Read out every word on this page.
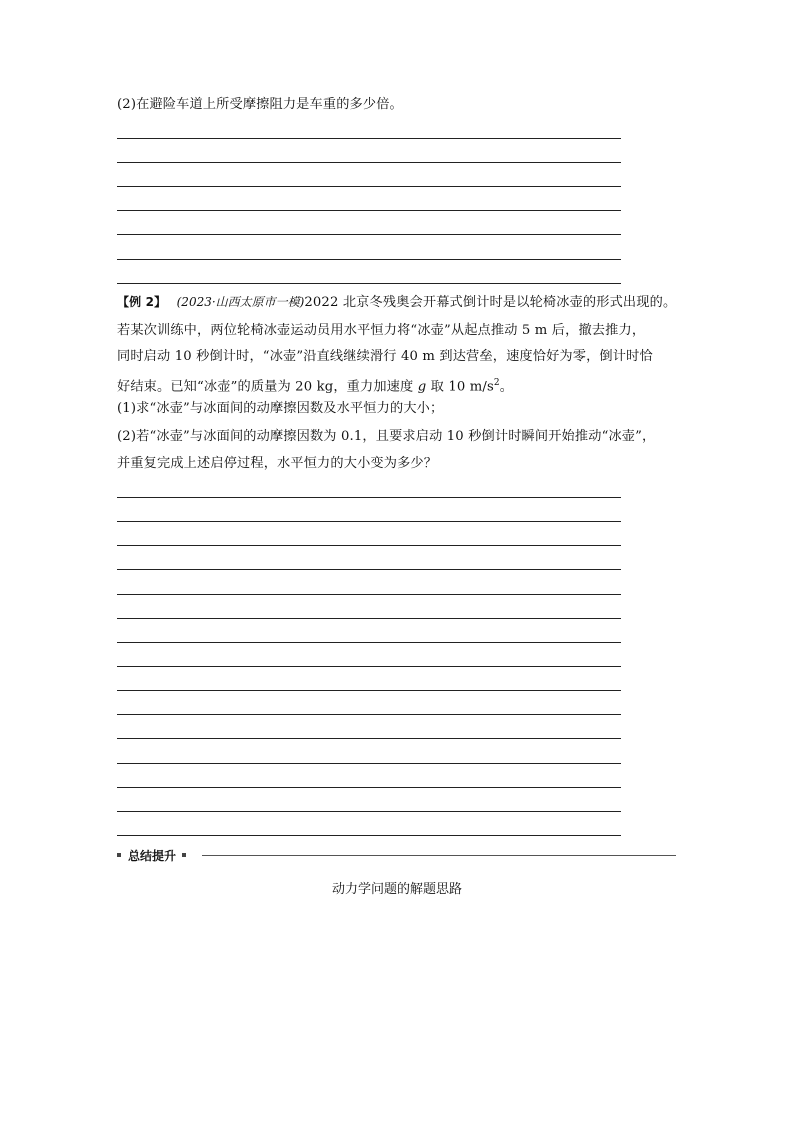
(2)在避险车道上所受摩擦阻力是车重的多少倍。
【例 2】 (2023·山西太原市一模)2022 北京冬残奥会开幕式倒计时是以轮椅冰壶的形式出现的。
若某次训练中，两位轮椅冰壶运动员用水平恒力将“冰壶”从起点推动 5 m 后，撤去推力，
同时启动 10 秒倒计时，“冰壶”沿直线继续滑行 40 m 到达营垒，速度恰好为零，倒计时恰
好结束。已知“冰壶”的质量为 20 kg，重力加速度 g 取 10 $m/s^2$。
(1)求“冰壶”与冰面间的动摩擦因数及水平恒力的大小；
(2)若“冰壶”与冰面间的动摩擦因数为 0.1，且要求启动 10 秒倒计时瞬间开始推动“冰壶”，
并重复完成上述启停过程，水平恒力的大小变为多少？
总结提升
动力学问题的解题思路
